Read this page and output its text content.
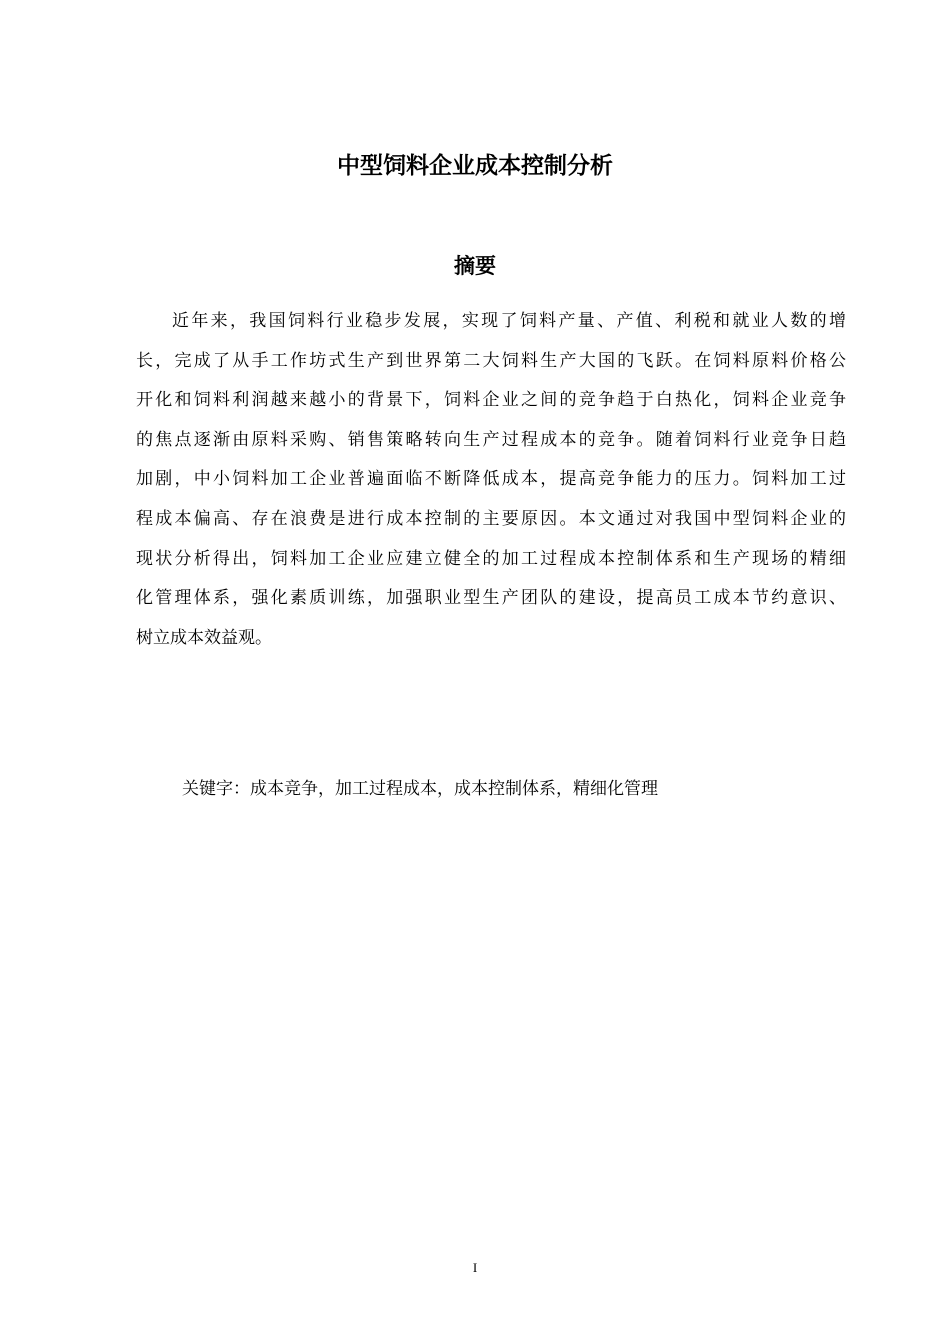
中型饲料企业成本控制分析
摘要
近年来，我国饲料行业稳步发展，实现了饲料产量、产值、利税和就业人数的增
长，完成了从手工作坊式生产到世界第二大饲料生产大国的飞跃。在饲料原料价格公
开化和饲料利润越来越小的背景下，饲料企业之间的竞争趋于白热化，饲料企业竞争
的焦点逐渐由原料采购、销售策略转向生产过程成本的竞争。随着饲料行业竞争日趋
加剧，中小饲料加工企业普遍面临不断降低成本，提高竞争能力的压力。饲料加工过
程成本偏高、存在浪费是进行成本控制的主要原因。本文通过对我国中型饲料企业的
现状分析得出，饲料加工企业应建立健全的加工过程成本控制体系和生产现场的精细
化管理体系，强化素质训练，加强职业型生产团队的建设，提高员工成本节约意识、
树立成本效益观。

关键字：成本竞争，加工过程成本，成本控制体系，精细化管理

I
